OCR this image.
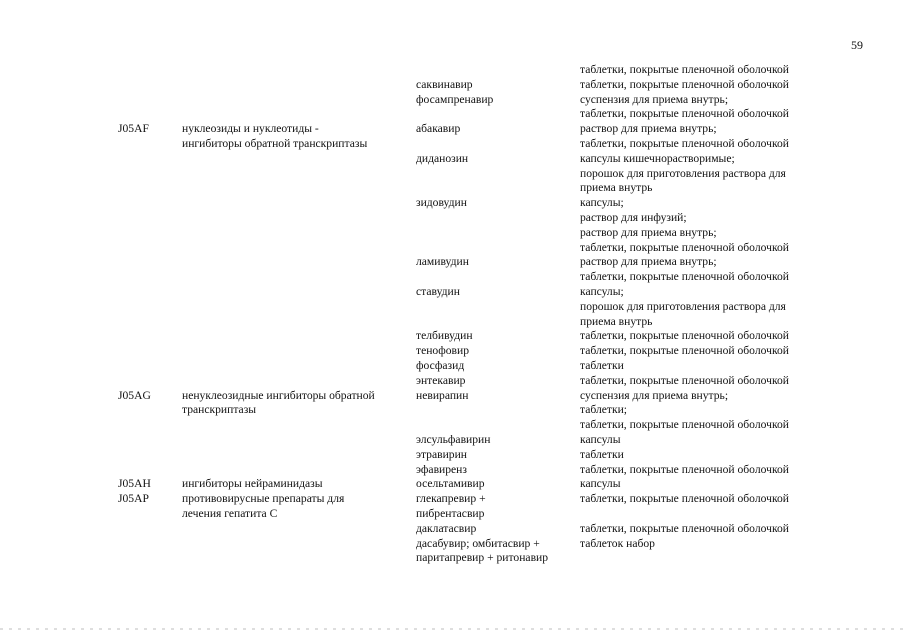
59
J05AF
J05AG
J05AH
J05AP
нуклеозиды и нуклеотиды -
ингибиторы обратной транскриптазы
ненуклеозидные ингибиторы обратной
транскриптазы
ингибиторы нейраминидазы
противовирусные препараты для
лечения гепатита С
саквинавир
фосампренавир
абакавир
диданозин
зидовудин
ламивудин
ставудин
телбивудин
тенофовир
фосфазид
энтекавир
невирапин
элсульфавирин
этравирин
эфавиренз
осельтамивир
глекапревир +
пибрентасвир
даклатасвир
дасабувир; омбитасвир +
паритапревир + ритонавир
таблетки, покрытые пленочной оболочкой
таблетки, покрытые пленочной оболочкой
суспензия для приема внутрь;
таблетки, покрытые пленочной оболочкой
раствор для приема внутрь;
таблетки, покрытые пленочной оболочкой
капсулы кишечнорастворимые;
порошок для приготовления раствора для
приема внутрь
капсулы;
раствор для инфузий;
раствор для приема внутрь;
таблетки, покрытые пленочной оболочкой
раствор для приема внутрь;
таблетки, покрытые пленочной оболочкой
капсулы;
порошок для приготовления раствора для
приема внутрь
таблетки, покрытые пленочной оболочкой
таблетки, покрытые пленочной оболочкой
таблетки
таблетки, покрытые пленочной оболочкой
суспензия для приема внутрь;
таблетки;
таблетки, покрытые пленочной оболочкой
капсулы
таблетки
таблетки, покрытые пленочной оболочкой
капсулы
таблетки, покрытые пленочной оболочкой
таблетки, покрытые пленочной оболочкой
таблеток набор
